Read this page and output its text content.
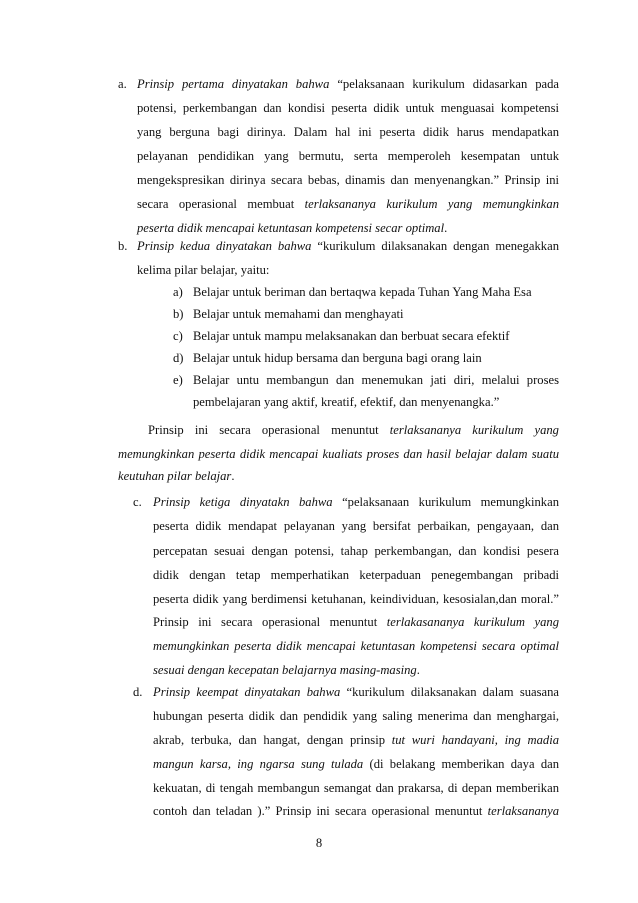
a. Prinsip pertama dinyatakan bahwa “pelaksanaan kurikulum didasarkan pada
potensi, perkembangan dan kondisi peserta didik untuk menguasai kompetensi
yang berguna bagi dirinya. Dalam hal ini peserta didik harus mendapatkan
pelayanan pendidikan yang bermutu, serta memperoleh kesempatan untuk
mengekspresikan dirinya secara bebas, dinamis dan menyenangkan.” Prinsip ini
secara operasional membuat terlaksananya kurikulum yang memungkinkan
peserta didik mencapai ketuntasan kompetensi secar optimal.
b. Prinsip kedua dinyatakan bahwa “kurikulum dilaksanakan dengan menegakkan
kelima pilar belajar, yaitu:
a) Belajar untuk beriman dan bertaqwa kepada Tuhan Yang Maha Esa
b) Belajar untuk memahami dan menghayati
c) Belajar untuk mampu melaksanakan dan berbuat secara efektif
d) Belajar untuk hidup bersama dan berguna bagi orang lain
e) Belajar untu membangun dan menemukan jati diri, melalui proses
pembelajaran yang aktif, kreatif, efektif, dan menyenangka.”
Prinsip ini secara operasional menuntut terlaksananya kurikulum yang
memungkinkan peserta didik mencapai kualiats proses dan hasil belajar dalam suatu
keutuhan pilar belajar.
c. Prinsip ketiga dinyatakn bahwa “pelaksanaan kurikulum memungkinkan
peserta didik mendapat pelayanan yang bersifat perbaikan, pengayaan, dan
percepatan sesuai dengan potensi, tahap perkembangan, dan kondisi pesera
didik dengan tetap memperhatikan keterpaduan penegembangan pribadi
peserta didik yang berdimensi ketuhanan, keindividuan, kesosialan,dan moral.”
Prinsip ini secara operasional menuntut terlakasananya kurikulum yang
memungkinkan peserta didik mencapai ketuntasan kompetensi secara optimal
sesuai dengan kecepatan belajarnya masing-masing.
d. Prinsip keempat dinyatakan bahwa “kurikulum dilaksanakan dalam suasana
hubungan peserta didik dan pendidik yang saling menerima dan menghargai,
akrab, terbuka, dan hangat, dengan prinsip tut wuri handayani, ing madia
mangun karsa, ing ngarsa sung tulada (di belakang memberikan daya dan
kekuatan, di tengah membangun semangat dan prakarsa, di depan memberikan
contoh dan teladan ).” Prinsip ini secara operasional menuntut terlaksananya
8
